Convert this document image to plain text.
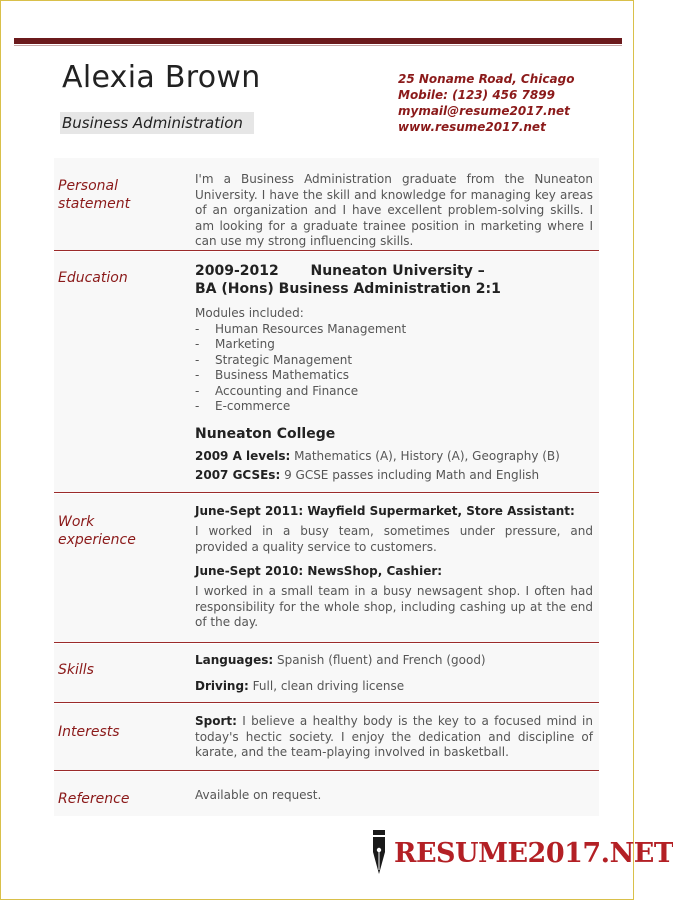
Alexia Brown
Business Administration
25 Noname Road, Chicago
Mobile: (123) 456 7899
mymail@resume2017.net
www.resume2017.net
Personal
statement
I'm a Business Administration graduate from the Nuneaton University. I have the skill and knowledge for managing key areas of an organization and I have excellent problem-solving skills. I am looking for a graduate trainee position in marketing where I can use my strong influencing skills.
Education	2009-2012 Nuneaton University –
BA (Hons) Business Administration 2:1
Modules included:
- Human Resources Management
- Marketing
- Strategic Management
- Business Mathematics
- Accounting and Finance
- E-commerce
Nuneaton College
2009 A levels: Mathematics (A), History (A), Geography (B)
2007 GCSEs: 9 GCSE passes including Math and English
Work
experience
June-Sept 2011: Wayfield Supermarket, Store Assistant:
I worked in a busy team, sometimes under pressure, and provided a quality service to customers.
June-Sept 2010: NewsShop, Cashier:
I worked in a small team in a busy newsagent shop. I often had responsibility for the whole shop, including cashing up at the end of the day.
Skills
Languages: Spanish (fluent) and French (good)
Driving: Full, clean driving license
Interests
Sport: I believe a healthy body is the key to a focused mind in today's hectic society. I enjoy the dedication and discipline of karate, and the team-playing involved in basketball.
Reference	Available on request.
RESUME2017.NET
